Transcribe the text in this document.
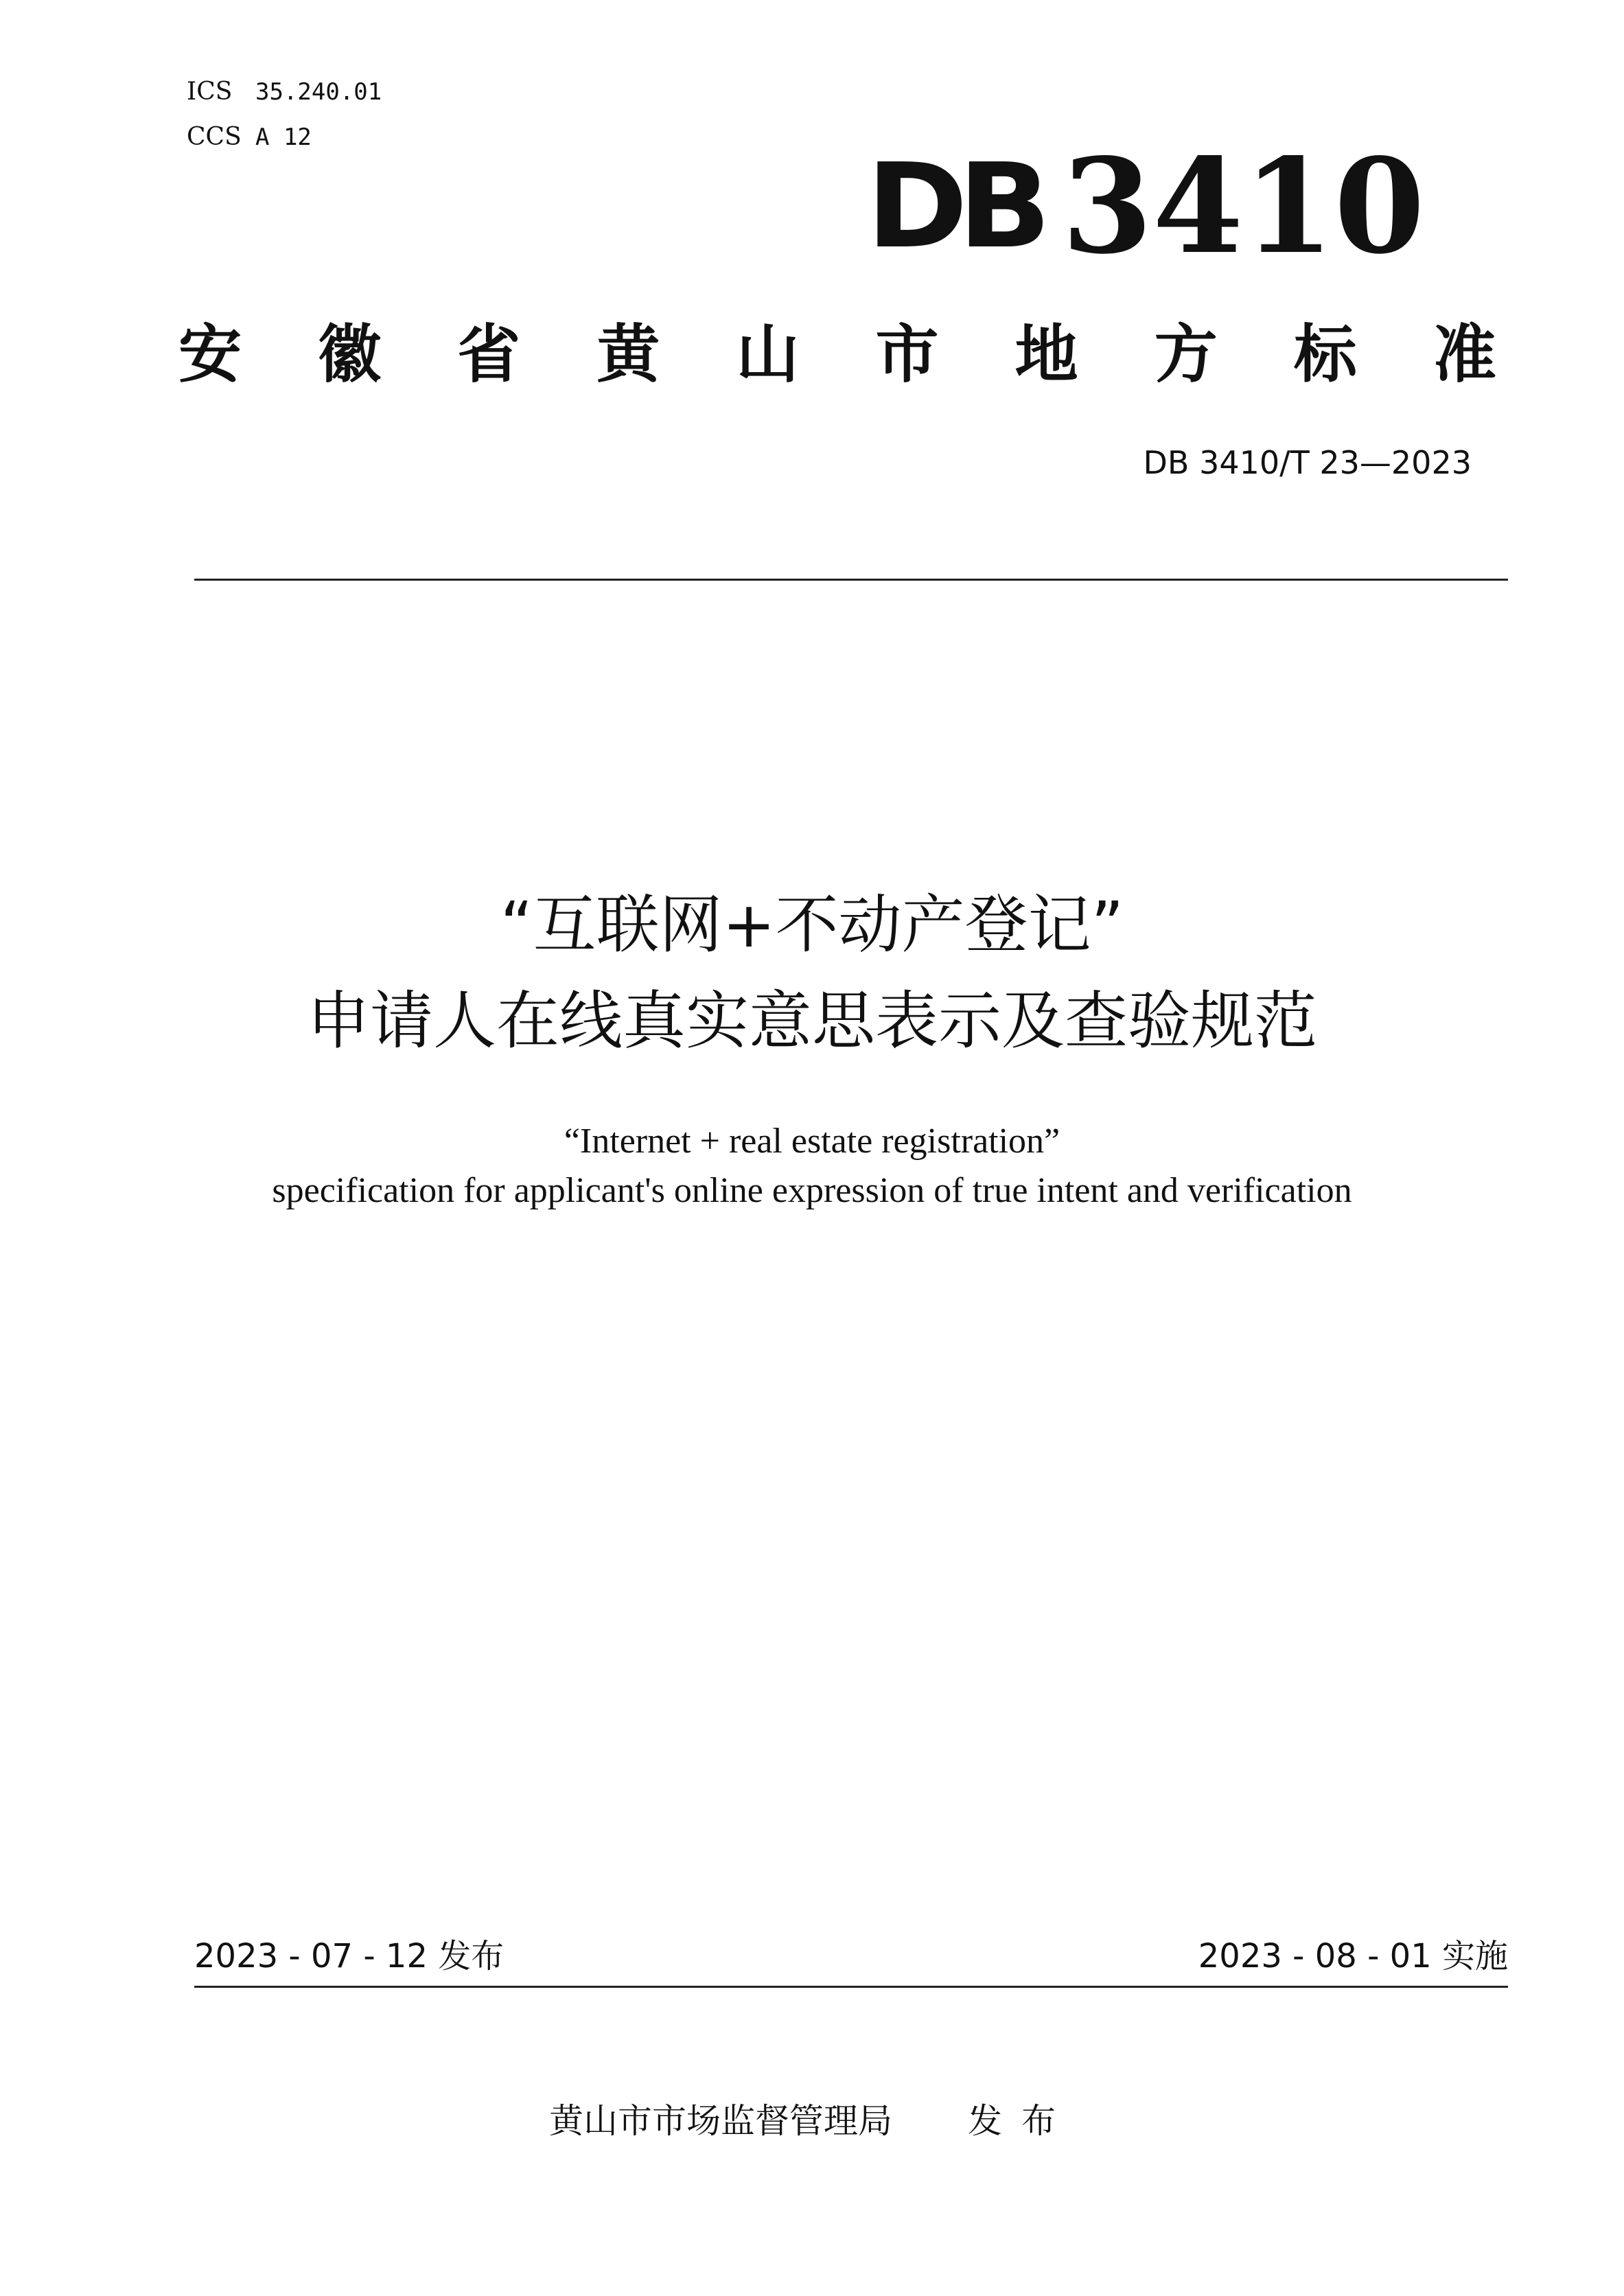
ICS 35.240.01
CCS A 12
DB 3410
安 徽 省 黄 山 市 地 方 标 准
DB 3410/T 23—2023
“互联网+不动产登记”
申请人在线真实意思表示及查验规范
“Internet + real estate registration”
specification for applicant's online expression of true intent and verification
2023 - 07 - 12 发布	2023 - 08 - 01 实施
黄山市市场监督管理局 发布
